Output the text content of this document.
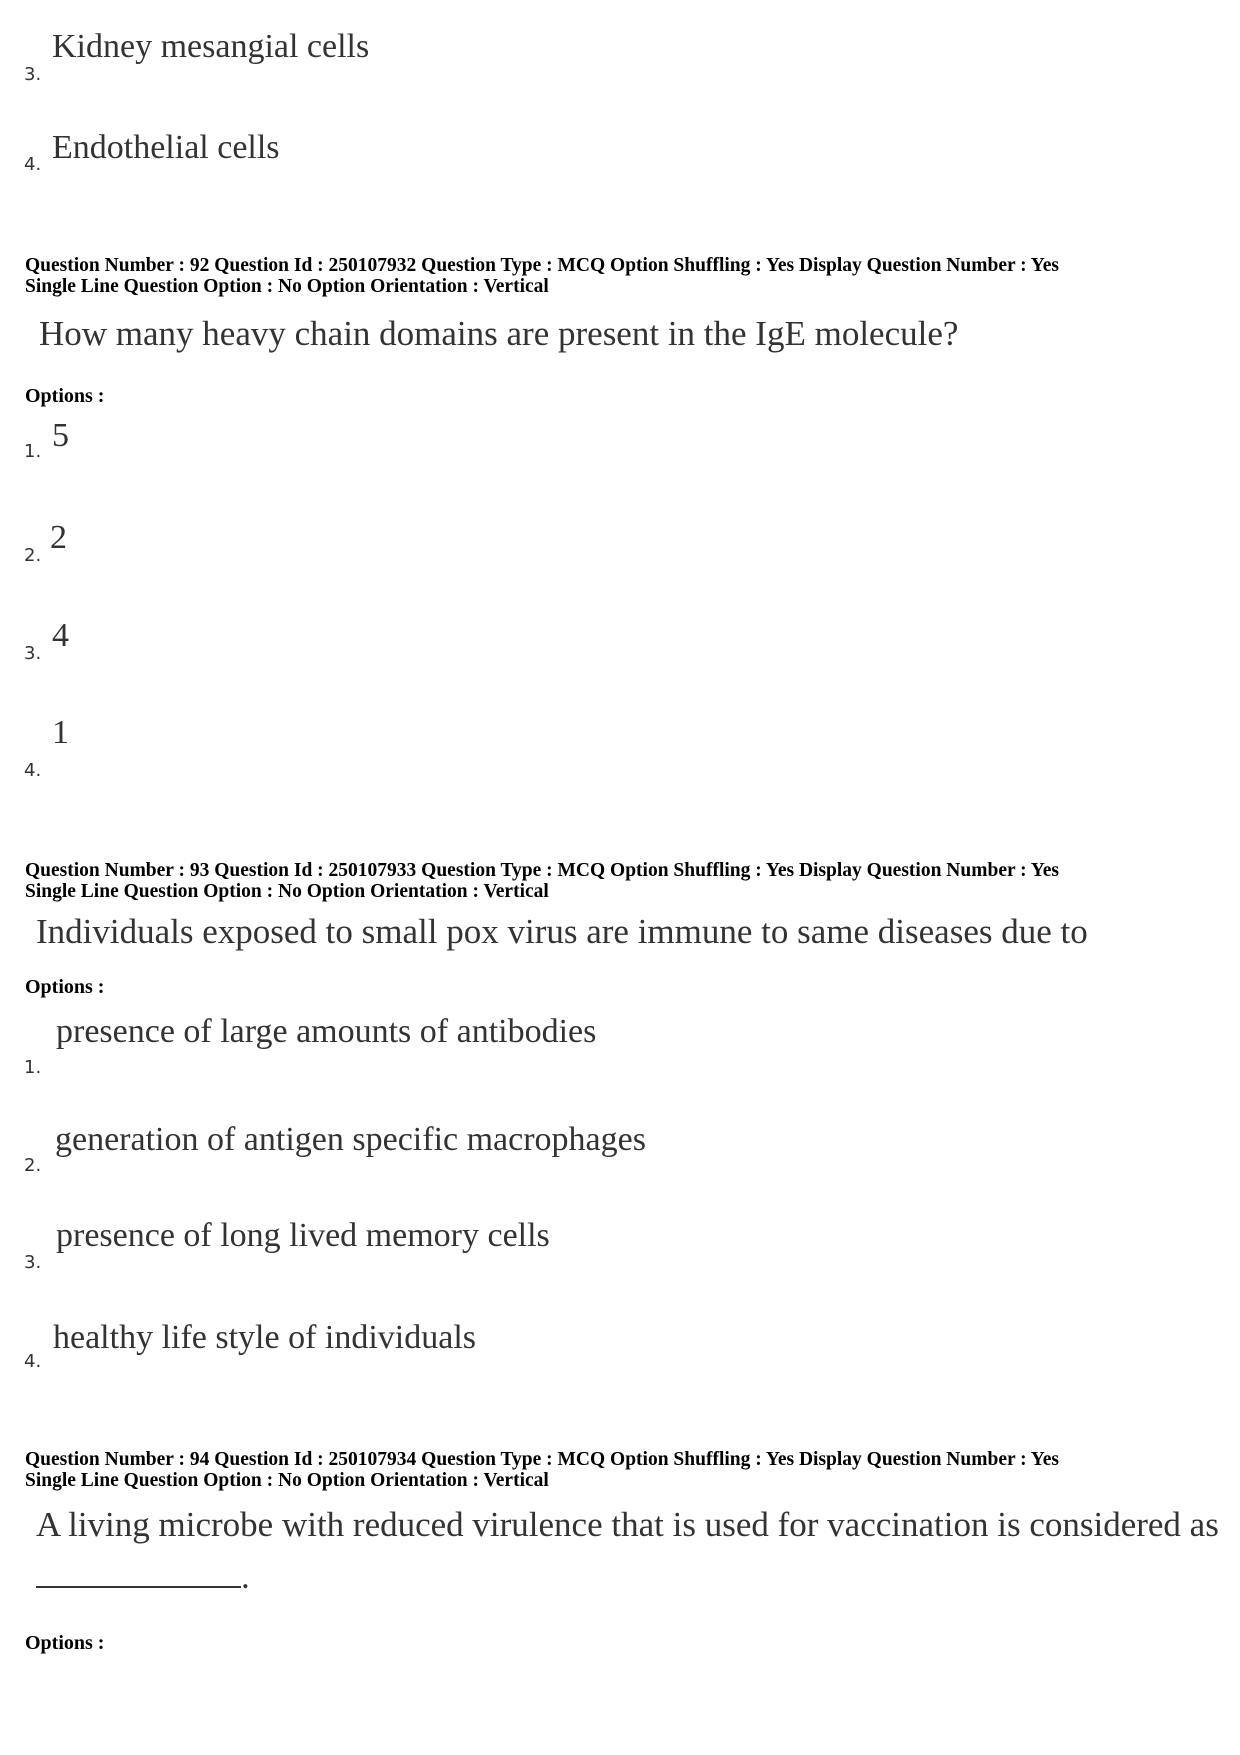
3.
Kidney mesangial cells
4. Endothelial cells
Question Number : 92 Question Id : 250107932 Question Type : MCQ Option Shuffling : Yes Display Question Number : Yes
Single Line Question Option : No Option Orientation : Vertical
How many heavy chain domains are present in the IgE molecule?
Options :
1. 5
2. 2
3. 4
4.
1
Question Number : 93 Question Id : 250107933 Question Type : MCQ Option Shuffling : Yes Display Question Number : Yes
Single Line Question Option : No Option Orientation : Vertical
Individuals exposed to small pox virus are immune to same diseases due to
Options :
1.
presence of large amounts of antibodies
2.
generation of antigen specific macrophages
3.
presence of long lived memory cells
4.
healthy life style of individuals
Question Number : 94 Question Id : 250107934 Question Type : MCQ Option Shuffling : Yes Display Question Number : Yes
Single Line Question Option : No Option Orientation : Vertical
A living microbe with reduced virulence that is used for vaccination is considered as
.
Options :
